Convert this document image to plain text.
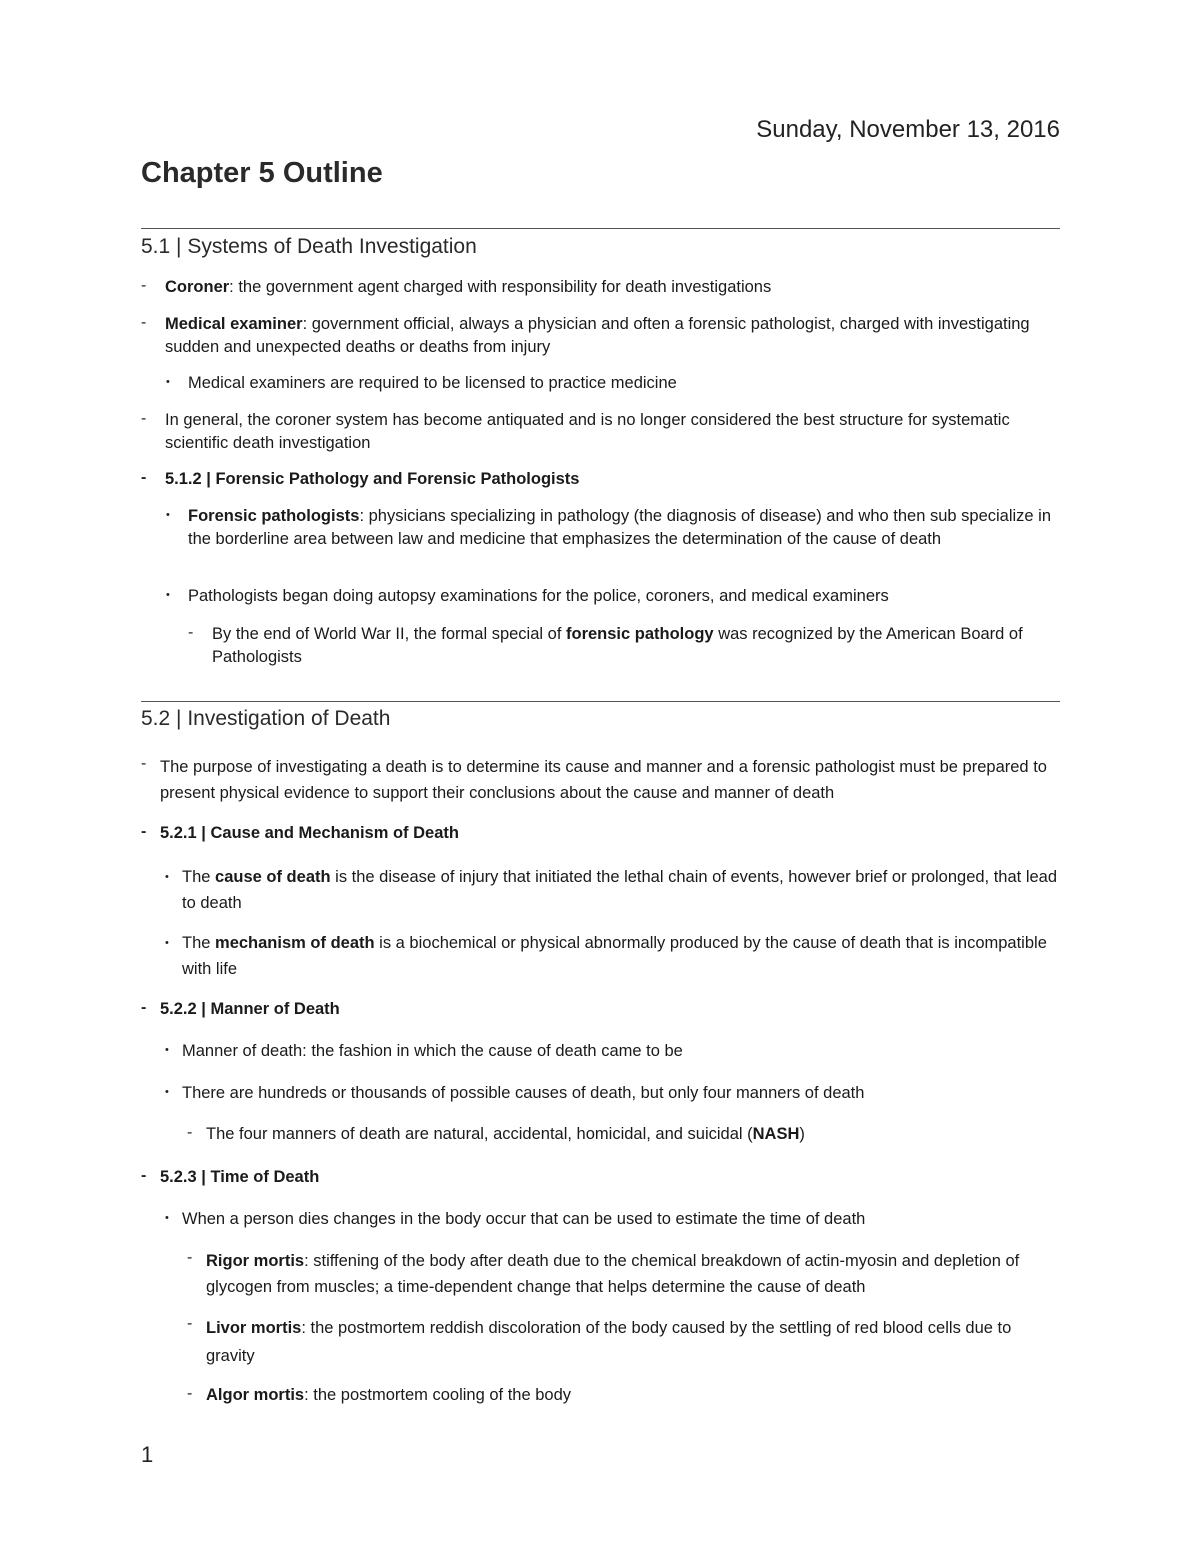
Sunday, November 13, 2016
Chapter 5 Outline
5.1 | Systems of Death Investigation
- Coroner: the government agent charged with responsibility for death investigations
- Medical examiner: government official, always a physician and often a forensic pathologist, charged with investigating sudden and unexpected deaths or deaths from injury
• Medical examiners are required to be licensed to practice medicine
- In general, the coroner system has become antiquated and is no longer considered the best structure for systematic scientific death investigation
- 5.1.2 | Forensic Pathology and Forensic Pathologists
• Forensic pathologists: physicians specializing in pathology (the diagnosis of disease) and who then sub specialize in the borderline area between law and medicine that emphasizes the determination of the cause of death
• Pathologists began doing autopsy examinations for the police, coroners, and medical examiners
- By the end of World War II, the formal special of forensic pathology was recognized by the American Board of Pathologists
5.2 | Investigation of Death
- The purpose of investigating a death is to determine its cause and manner and a forensic pathologist must be prepared to present physical evidence to support their conclusions about the cause and manner of death
- 5.2.1 | Cause and Mechanism of Death
• The cause of death is the disease of injury that initiated the lethal chain of events, however brief or prolonged, that lead to death
• The mechanism of death is a biochemical or physical abnormally produced by the cause of death that is incompatible with life
- 5.2.2 | Manner of Death
• Manner of death: the fashion in which the cause of death came to be
• There are hundreds or thousands of possible causes of death, but only four manners of death
- The four manners of death are natural, accidental, homicidal, and suicidal (NASH)
- 5.2.3 | Time of Death
• When a person dies changes in the body occur that can be used to estimate the time of death
- Rigor mortis: stiffening of the body after death due to the chemical breakdown of actin-myosin and depletion of glycogen from muscles; a time-dependent change that helps determine the cause of death
- Livor mortis: the postmortem reddish discoloration of the body caused by the settling of red blood cells due to gravity
- Algor mortis: the postmortem cooling of the body
1
